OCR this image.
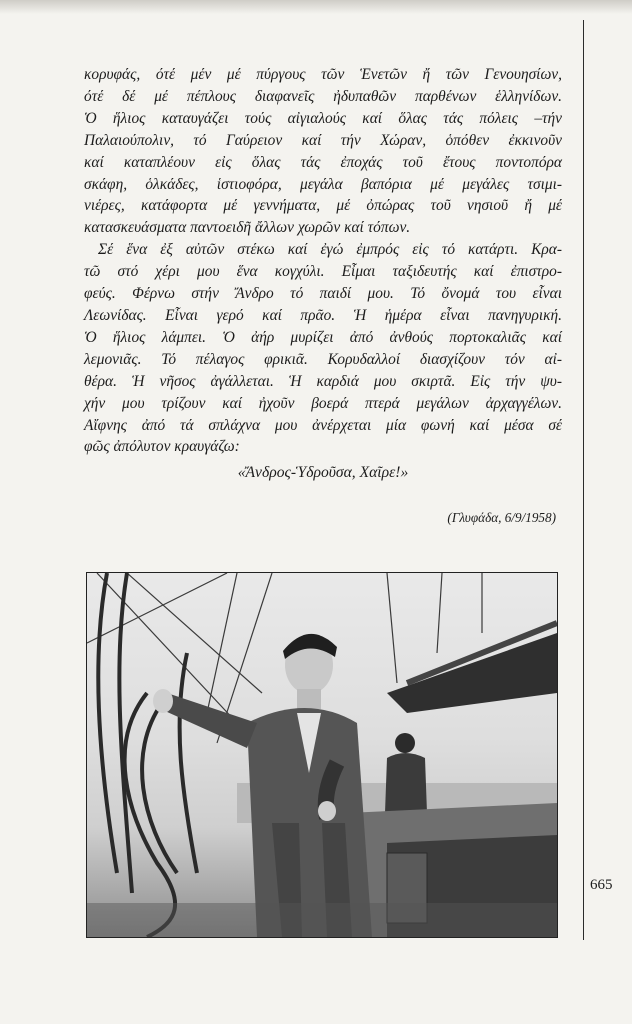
κορυφάς, ότέ μέν μέ πύργους τῶν Ἑνετῶν ἤ τῶν Γενουησίων,
ότέ δέ μέ πέπλους διαφανεῖς ἠδυπαθῶν παρθένων ἑλληνίδων.
Ὁ ἥλιος καταυγάζει τούς αἰγιαλούς καί ὅλας τάς πόλεις –τήν
Παλαιούπολιν, τό Γαύρειον καί τήν Χώραν, ὁπόθεν ἐκκινοῦν
καί καταπλέουν εἰς ὅλας τάς ἐποχάς τοῦ ἔτους ποντοπόρα
σκάφη, ὁλκάδες, ἱστιοφόρα, μεγάλα βαπόρια μέ μεγάλες τσιμι-
νιέρες, κατάφορτα μέ γεννήματα, μέ ὀπώρας τοῦ νησιοῦ ἤ μέ
κατασκευάσματα παντοειδῆ ἄλλων χωρῶν καί τόπων.
Σέ ἕνα ἐξ αὐτῶν στέκω καί ἐγώ ἐμπρός εἰς τό κατάρτι. Κρα-
τῶ στό χέρι μου ἕνα κογχύλι. Εἶμαι ταξιδευτής καί ἐπιστρο-
φεύς. Φέρνω στήν Ἄνδρο τό παιδί μου. Τό ὄνομά του εἶναι
Λεωνίδας. Εἶναι γερό καί πρᾶο. Ἡ ἡμέρα εἶναι πανηγυρική.
Ὁ ἥλιος λάμπει. Ὁ ἀήρ μυρίζει ἀπό ἀνθούς πορτοκαλιᾶς καί
λεμονιᾶς. Τό πέλαγος φρικιᾶ. Κορυδαλλοί διασχίζουν τόν αἰ-
θέρα. Ἡ νῆσος ἀγάλλεται. Ἡ καρδιά μου σκιρτᾶ. Εἰς τήν ψυ-
χήν μου τρίζουν καί ἠχοῦν βοερά πτερά μεγάλων ἀρχαγγέλων.
Αἴφνης ἀπό τά σπλάχνα μου ἀνέρχεται μία φωνή καί μέσα σέ
φῶς ἀπόλυτον κραυγάζω:
«Ἄνδρος-Ὑδροῦσα, Χαῖρε!»
(Γλυφάδα, 6/9/1958)
665
